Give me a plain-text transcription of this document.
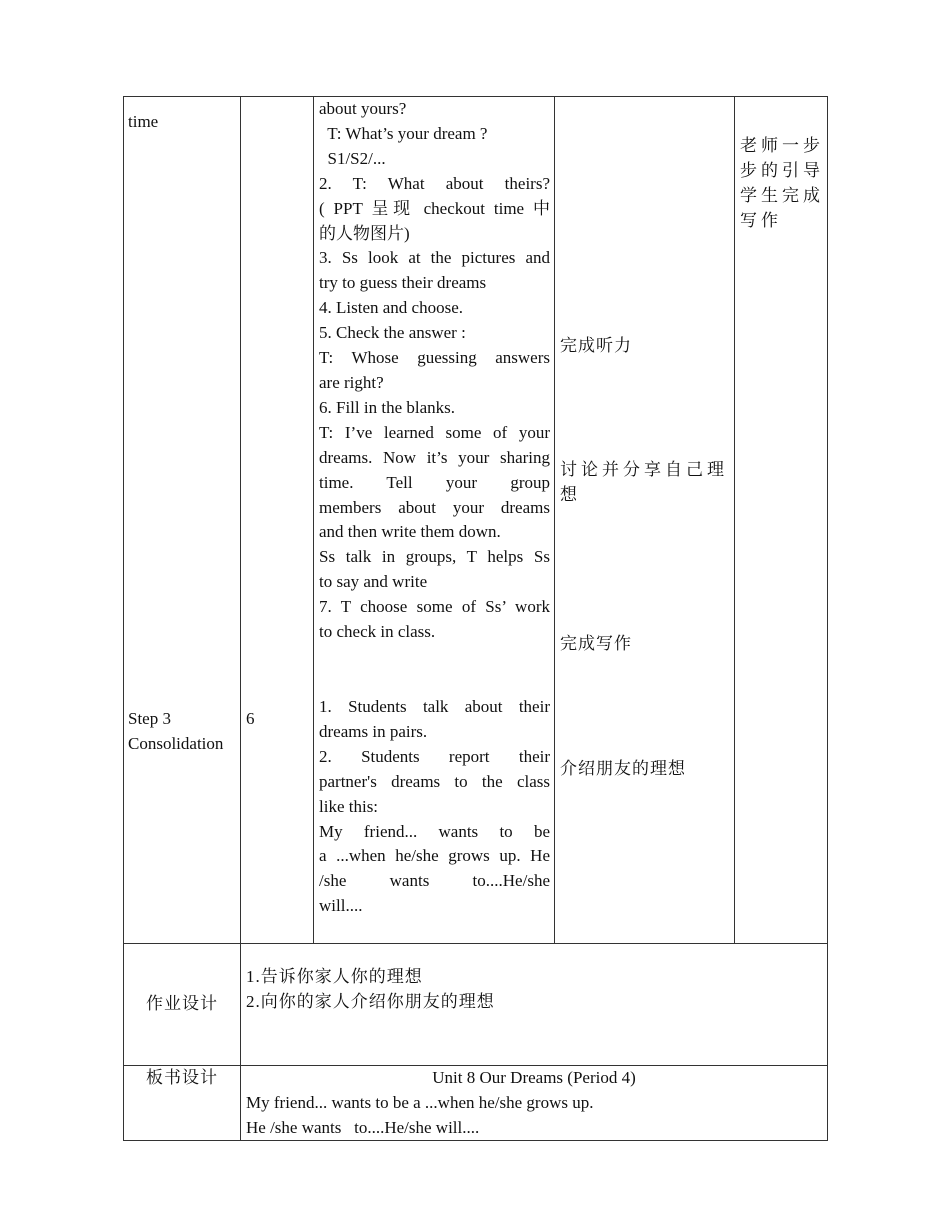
time
Step 3
Consolidation
6
about yours?
T: What’s your dream ?
S1/S2/...
2. T: What about theirs?
( PPT 呈现 checkout time 中
的人物图片)
3. Ss look at the pictures and
try to guess their dreams
4. Listen and choose.
5. Check the answer :
T: Whose guessing answers
are right?
6. Fill in the blanks.
T: I’ve learned some of your
dreams. Now it’s your sharing
time. Tell your group
members about your dreams
and then write them down.
Ss talk in groups, T helps Ss
to say and write
7. T choose some of Ss’ work
to check in class.
1. Students talk about their
dreams in pairs.
2. Students report their
partner's dreams to the class
like this:
My friend... wants to be
a ...when he/she grows up. He
/she wants to....He/she
will....
完成听力
讨论并分享自己理
想
完成写作
介绍朋友的理想
老师一步
步的引导
学生完成
写作
作业设计
1.告诉你家人你的理想
2.向你的家人介绍你朋友的理想
板书设计	Unit 8 Our Dreams (Period 4)
My friend... wants to be a ...when he/she grows up.
He /she wants   to....He/she will....
